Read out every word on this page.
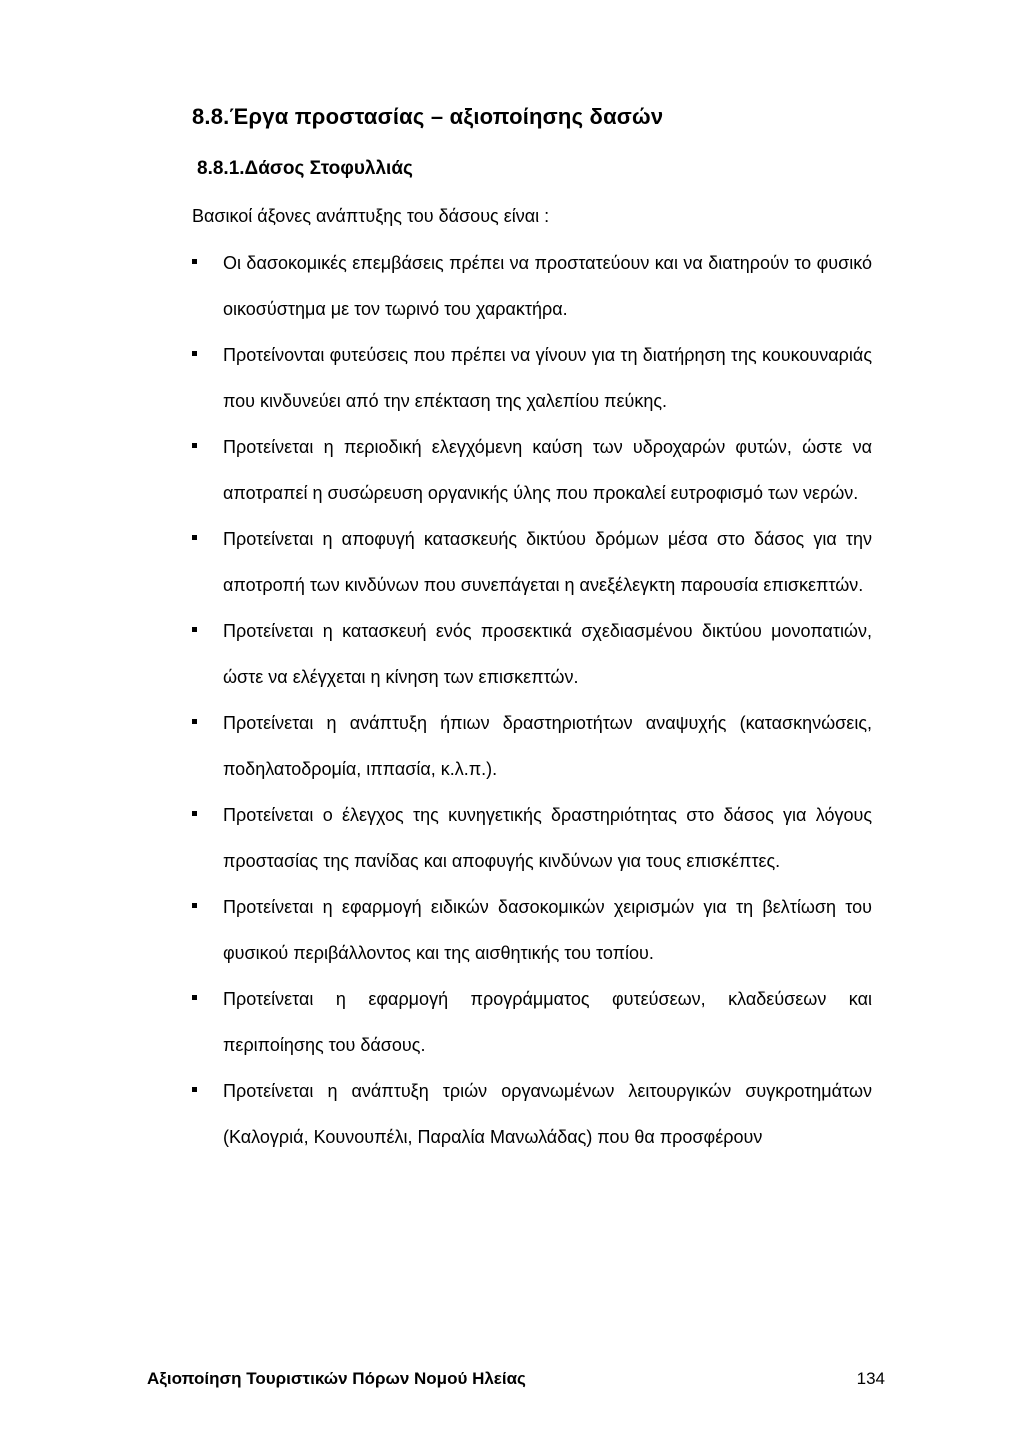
8.8.Έργα προστασίας – αξιοποίησης δασών
8.8.1.Δάσος Στοφυλλιάς
Βασικοί άξονες ανάπτυξης του δάσους είναι :
Οι δασοκομικές επεμβάσεις πρέπει να προστατεύουν και να διατηρούν το φυσικό οικοσύστημα με τον τωρινό του χαρακτήρα.
Προτείνονται φυτεύσεις που πρέπει να γίνουν για τη διατήρηση της κουκουναριάς που κινδυνεύει από την επέκταση της χαλεπίου πεύκης.
Προτείνεται η περιοδική ελεγχόμενη καύση των υδροχαρών φυτών, ώστε να αποτραπεί η συσώρευση οργανικής ύλης που προκαλεί ευτροφισμό των νερών.
Προτείνεται η αποφυγή κατασκευής δικτύου δρόμων μέσα στο δάσος για την αποτροπή των κινδύνων που συνεπάγεται η ανεξέλεγκτη παρουσία επισκεπτών.
Προτείνεται η κατασκευή ενός προσεκτικά σχεδιασμένου δικτύου μονοπατιών, ώστε να ελέγχεται η κίνηση των επισκεπτών.
Προτείνεται η ανάπτυξη ήπιων δραστηριοτήτων αναψυχής (κατασκηνώσεις, ποδηλατοδρομία, ιππασία, κ.λ.π.).
Προτείνεται ο έλεγχος της κυνηγετικής δραστηριότητας στο δάσος για λόγους προστασίας της πανίδας και αποφυγής κινδύνων για τους επισκέπτες.
Προτείνεται η εφαρμογή ειδικών δασοκομικών χειρισμών για τη βελτίωση του φυσικού περιβάλλοντος και της αισθητικής του τοπίου.
Προτείνεται η εφαρμογή προγράμματος φυτεύσεων, κλαδεύσεων και περιποίησης του δάσους.
Προτείνεται η ανάπτυξη τριών οργανωμένων λειτουργικών συγκροτημάτων (Καλογριά, Κουνουπέλι, Παραλία Μανωλάδας) που θα προσφέρουν
Αξιοποίηση Τουριστικών Πόρων Νομού Ηλείας	134
